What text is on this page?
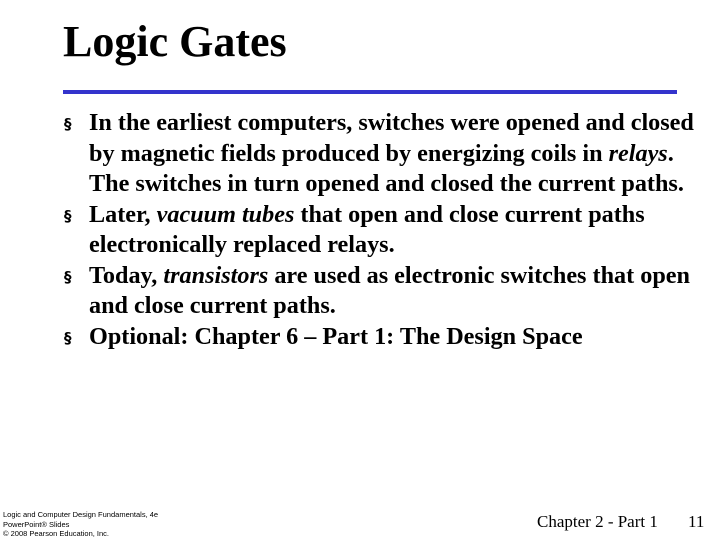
Logic Gates
§ In the earliest computers, switches were opened and closed by magnetic fields produced by energizing coils in relays. The switches in turn opened and closed the current paths.
§ Later, vacuum tubes that open and close current paths electronically replaced relays.
§ Today, transistors are used as electronic switches that open and close current paths.
§ Optional: Chapter 6 – Part 1: The Design Space
Logic and Computer Design Fundamentals, 4e
PowerPoint® Slides
© 2008 Pearson Education, Inc.
Chapter 2 - Part 1 11
